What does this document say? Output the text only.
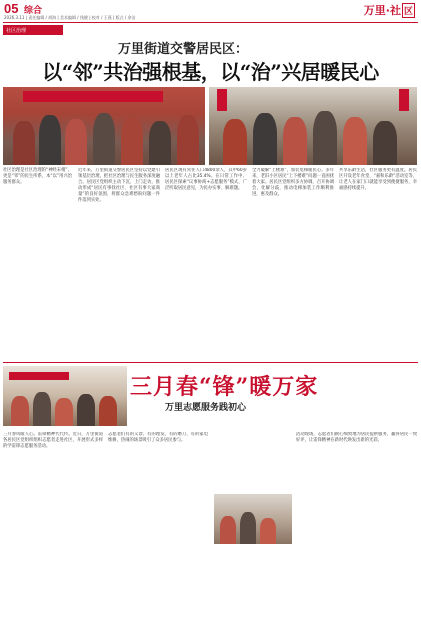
05 综合
2026.3.11 | 责任编辑 / 胡海 | 美术编辑 / 钱健 | 校对 / 王燕 | 版式 / 余洁
万里·社 区
社区治理
万里街道交警居民区：
以“邻”共治强根基，以“治”兴居暖民心
社区治理是社区治理的“神经末梢”，更是“邻”的民生所系，本“以”用兴治服务群众。

近年来，万里街道交警居民区坚持以党建引领基层治理，把社区治理与民生服务深度融合。居民区党组织主动下沉、上门走访，推动形成“居民有事找社区、社区有事大家商量”的良好氛围，将群众急难愁盼问题一件件落到实处。

居民区现有常住人口4800余人，其中60岁以上老年人占比35.4%。在日常工作中，居民区探索“议事协商+志愿服务”模式，广泛听取居民意见，为民办实事、解难题。

全力破解“上楼难”，加装电梯暖民心。多年来，老旧小区居民“上下楼难”问题一直困扰着大家。居民区党组织多方协调，召开协调会，化解分歧，推动电梯加装工作顺利推进，惠及群众。

共享乐龄生活，社区服务更有温度。居民区开设老年食堂、“嘉和乐龄”活动室等，让老人在家门口就能享受到便捷服务，幸福感持续提升。

三月春“锋”暖万家
万里志愿服务践初心

三月春风暖人心。雷锋精神代代传。近日，万里街道各居民区党组织组织志愿者走进社区，开展形式多样的学雷锋志愿服务活动。

志愿者们有的义诊，有的理发，有的磨刀、有的家电维修，热闹的场景吸引了众多居民参与。

活动现场，志愿者们耐心细致地为居民提供服务，赢得居民一致好评，让雷锋精神在新时代焕发出新的光彩。
